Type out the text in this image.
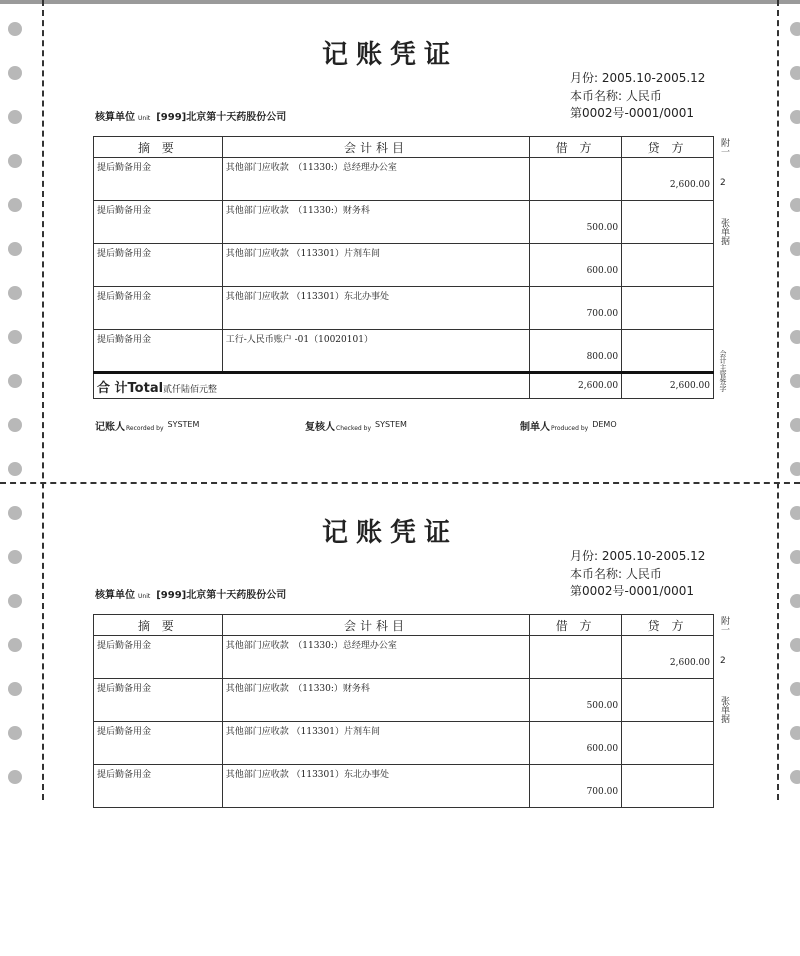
记账凭证
月份: 2005.10-2005.12
本币名称: 人民币
第0002号-0001/0001
核算单位 Unit [999]北京第十天药股份公司
摘 要	会计科目	借 方	贷 方
提后勤备用金	其他部门应收款　（11330:）总经理办公室		2,600.00
提后勤备用金	其他部门应收款　（11330:）财务科	500.00	
提后勤备用金	其他部门应收款 （113301）片剂车间	600.00	
提后勤备用金	其他部门应收款 （113301）东北办事处	700.00	
提后勤备用金	工行-人民币账户 -01（10020101）	800.00	
合 计Total贰仟陆佰元整		2,600.00	2,600.00
附一
2
张单据
会计主管签字
记账人Recorded by $^{SYSTEM}$	复核人Checked by $^{SYSTEM}$	制单人Produced by $^{DEMO}$
记账凭证
月份: 2005.10-2005.12
本币名称: 人民币
第0002号-0001/0001
核算单位 Unit [999]北京第十天药股份公司
摘 要	会计科目	借 方	贷 方
提后勤备用金	其他部门应收款　（11330:）总经理办公室		2,600.00
提后勤备用金	其他部门应收款　（11330:）财务科	500.00	
提后勤备用金	其他部门应收款 （113301）片剂车间	600.00	
提后勤备用金	其他部门应收款 （113301）东北办事处	700.00	
附一
2
张单据
